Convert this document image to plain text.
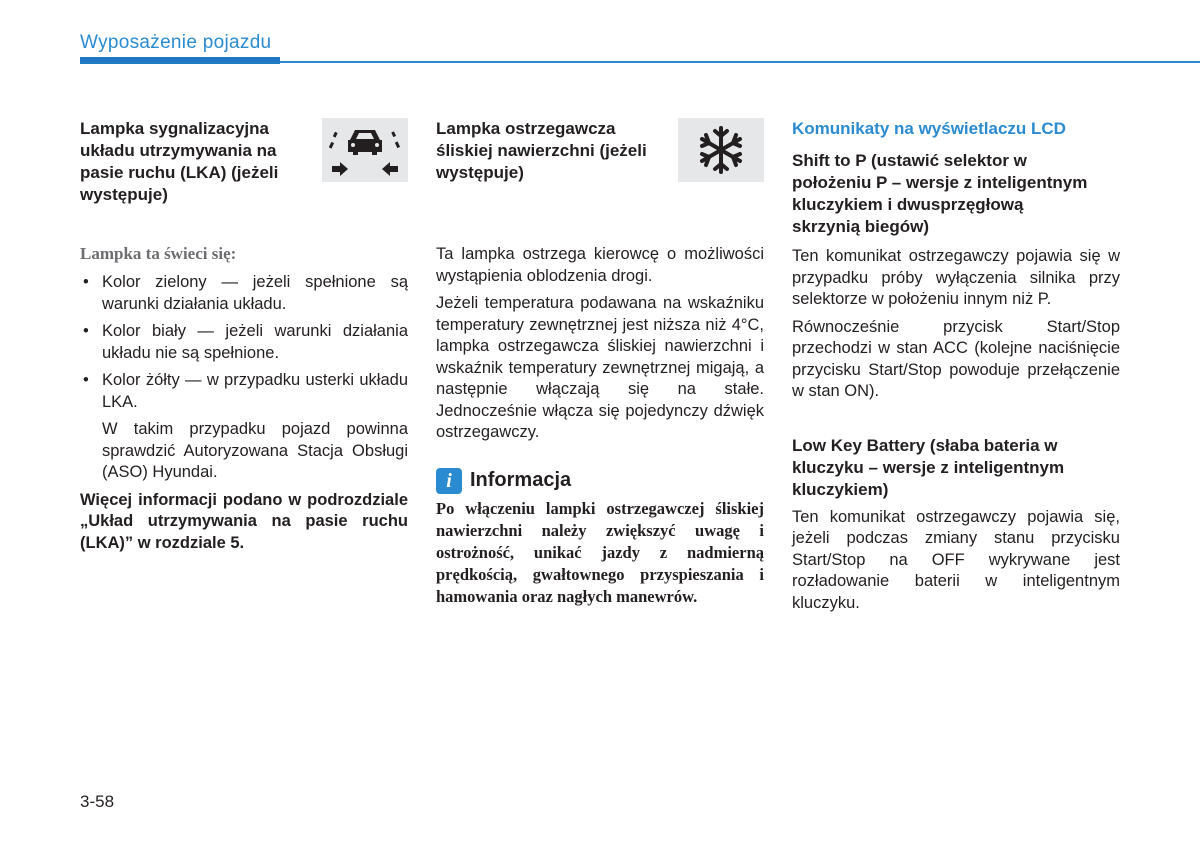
Wyposażenie pojazdu
Lampka sygnalizacyjna układu utrzymywania na pasie ruchu (LKA) (jeżeli występuje)
Lampka ta świeci się:
• Kolor zielony — jeżeli spełnione są warunki działania układu.
• Kolor biały — jeżeli warunki działania układu nie są spełnione.
• Kolor żółty — w przypadku usterki układu LKA.
W takim przypadku pojazd powinna sprawdzić Autoryzowana Stacja Obsługi (ASO) Hyundai.
Więcej informacji podano w podrozdziale „Układ utrzymywania na pasie ruchu (LKA)” w rozdziale 5.
Lampka ostrzegawcza śliskiej nawierzchni (jeżeli występuje)

Ta lampka ostrzega kierowcę o możliwości wystąpienia oblodzenia drogi.

Jeżeli temperatura podawana na wskaźniku temperatury zewnętrznej jest niższa niż 4°C, lampka ostrzegawcza śliskiej nawierzchni i wskaźnik temperatury zewnętrznej migają, a następnie włączają się na stałe. Jednocześnie włącza się pojedynczy dźwięk ostrzegawczy.

i Informacja

Po włączeniu lampki ostrzegawczej śliskiej nawierzchni należy zwiększyć uwagę i ostrożność, unikać jazdy z nadmierną prędkością, gwałtownego przyspieszania i hamowania oraz nagłych manewrów.

Komunikaty na wyświetlaczu LCD
Shift to P (ustawić selektor w położeniu P – wersje z inteligentnym kluczykiem i dwusprzęgłową skrzynią biegów)

Ten komunikat ostrzegawczy pojawia się w przypadku próby wyłączenia silnika przy selektorze w położeniu innym niż P.

Równocześnie przycisk Start/Stop przechodzi w stan ACC (kolejne naciśnięcie przycisku Start/Stop powoduje przełączenie w stan ON).

Low Key Battery (słaba bateria w kluczyku – wersje z inteligentnym kluczykiem)

Ten komunikat ostrzegawczy pojawia się, jeżeli podczas zmiany stanu przycisku Start/Stop na OFF wykrywane jest rozładowanie baterii w inteligentnym kluczyku.

3-58
